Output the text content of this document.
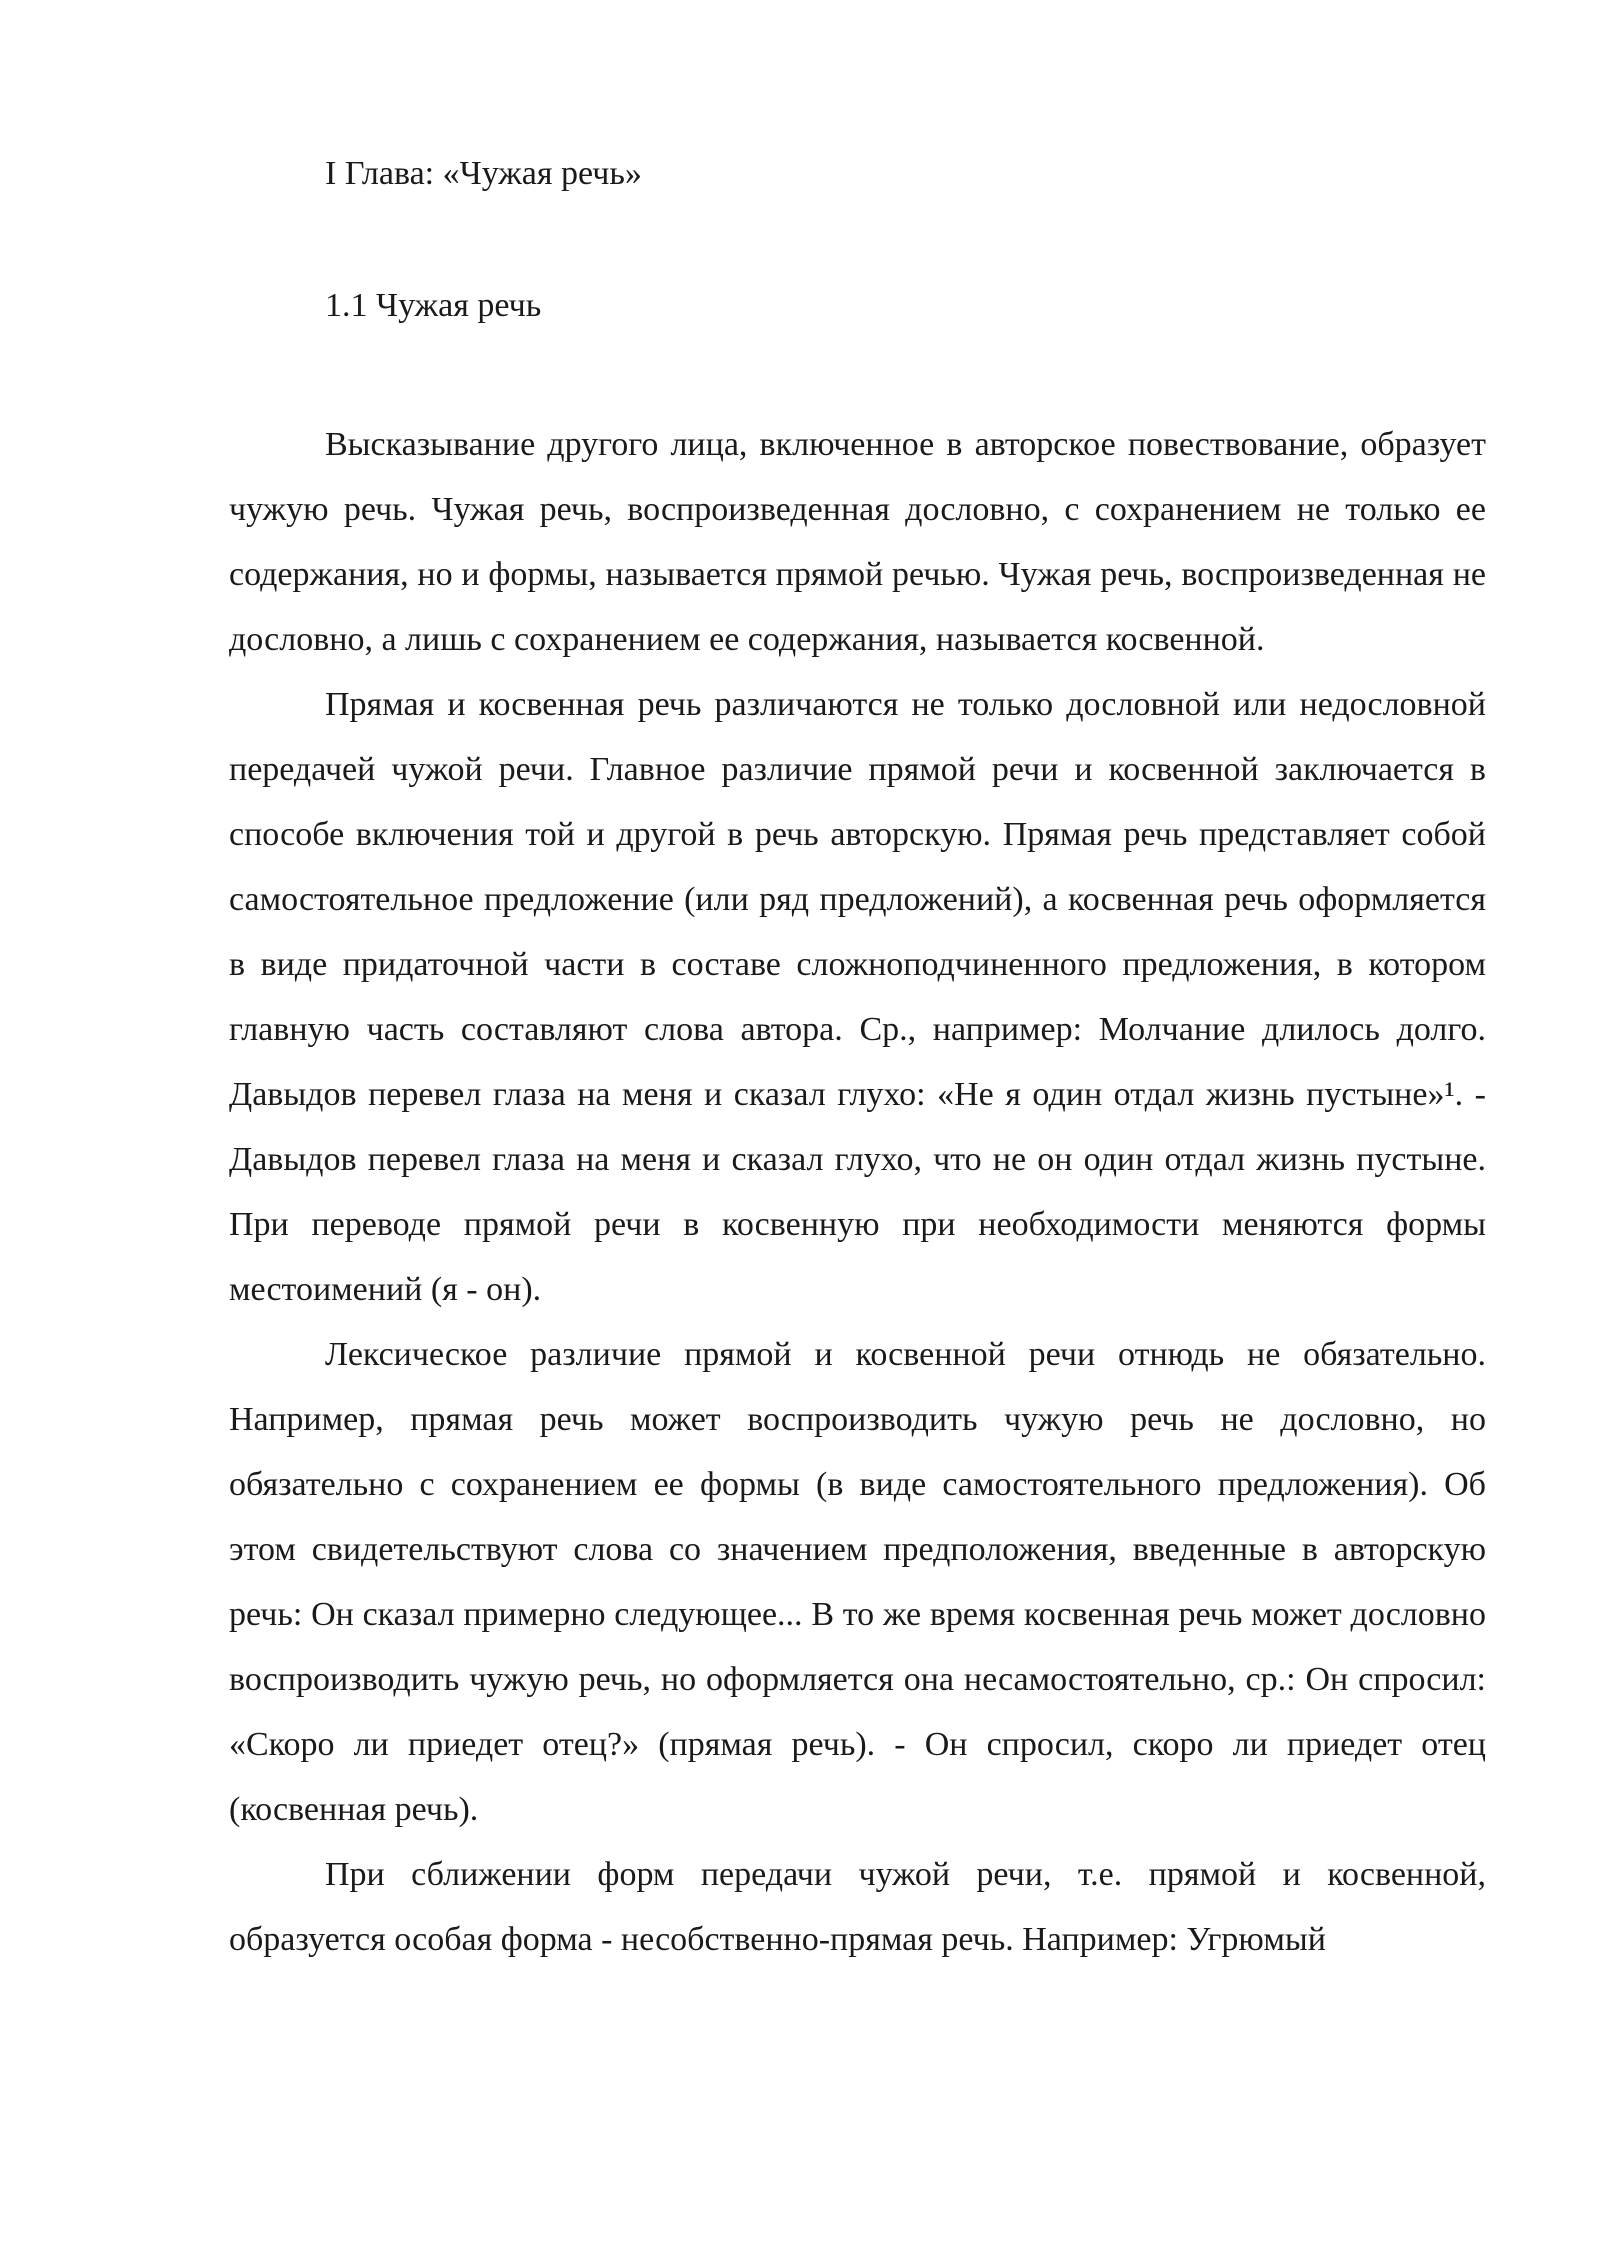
I Глава: «Чужая речь»
1.1 Чужая речь

Высказывание другого лица, включенное в авторское повествование, образует чужую речь. Чужая речь, воспроизведенная дословно, с сохранением не только ее содержания, но и формы, называется прямой речью. Чужая речь, воспроизведенная не дословно, а лишь с сохранением ее содержания, называется косвенной.

Прямая и косвенная речь различаются не только дословной или недословной передачей чужой речи. Главное различие прямой речи и косвенной заключается в способе включения той и другой в речь авторскую. Прямая речь представляет собой самостоятельное предложение (или ряд предложений), а косвенная речь оформляется в виде придаточной части в составе сложноподчиненного предложения, в котором главную часть составляют слова автора. Ср., например: Молчание длилось долго. Давыдов перевел глаза на меня и сказал глухо: «Не я один отдал жизнь пустыне»¹. - Давыдов перевел глаза на меня и сказал глухо, что не он один отдал жизнь пустыне. При переводе прямой речи в косвенную при необходимости меняются формы местоимений (я - он).

Лексическое различие прямой и косвенной речи отнюдь не обязательно. Например, прямая речь может воспроизводить чужую речь не дословно, но обязательно с сохранением ее формы (в виде самостоятельного предложения). Об этом свидетельствуют слова со значением предположения, введенные в авторскую речь: Он сказал примерно следующее... В то же время косвенная речь может дословно воспроизводить чужую речь, но оформляется она несамостоятельно, ср.: Он спросил: «Скоро ли приедет отец?» (прямая речь). - Он спросил, скоро ли приедет отец (косвенная речь).

При сближении форм передачи чужой речи, т.е. прямой и косвенной, образуется особая форма - несобственно-прямая речь. Например: Угрюмый
